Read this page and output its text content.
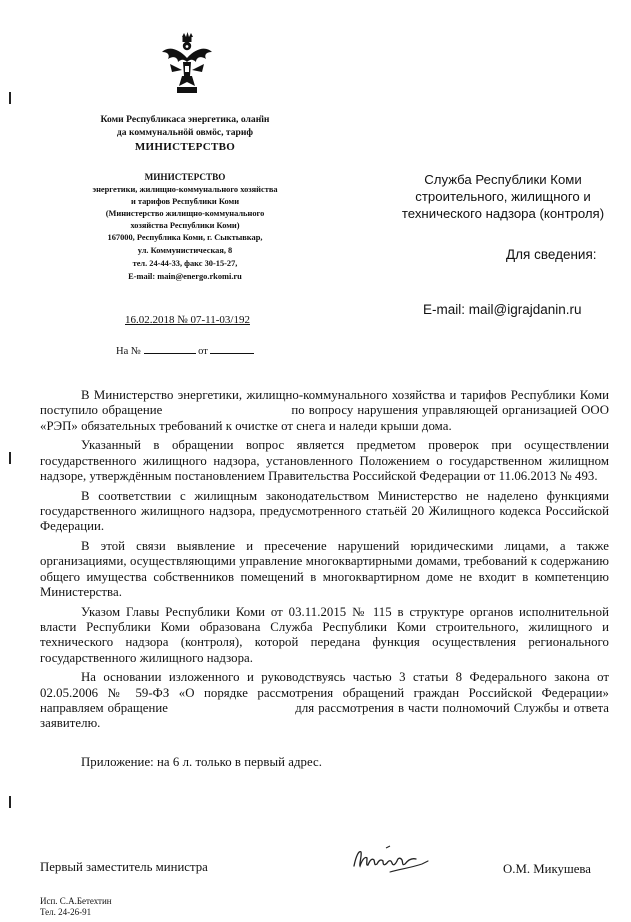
Коми Республикаса энергетика, олан̈ін
да коммунальнӧй овмӧс, тариф
МИНИСТЕРСТВО
МИНИСТЕРСТВО
энергетики, жилищно-коммунального хозяйства
и тарифов Республики Коми
(Министерство жилищно-коммунального
хозяйства Республики Коми)
167000, Республика Коми, г. Сыктывкар,
ул. Коммунистическая, 8
тел. 24-44-33, факс 30-15-27,
E-mail: main@energo.rkomi.ru
16.02.2018 № 07-11-03/192
На №	от
Служба Республики Коми
строительного, жилищного и
технического надзора (контроля)
Для сведения:
E-mail: mail@igrajdanin.ru

В Министерство энергетики, жилищно-коммунального хозяйства и тарифов Республики Коми поступило обращение                                по вопросу нарушения управляющей организацией ООО «РЭП» обязательных требований к очистке от снега и наледи крыши дома.

Указанный в обращении вопрос является предметом проверок при осуществлении государственного жилищного надзора, установленного Положением о государственном жилищном надзоре, утверждённым постановлением Правительства Российской Федерации от 11.06.2013 № 493.

В соответствии с жилищным законодательством Министерство не наделено функциями государственного жилищного надзора, предусмотренного статьёй 20 Жилищного кодекса Российской Федерации.

В этой связи выявление и пресечение нарушений юридическими лицами, а также организациями, осуществляющими управление многоквартирными домами, требований к содержанию общего имущества собственников помещений в многоквартирном доме не входит в компетенцию Министерства.

Указом Главы Республики Коми от 03.11.2015 № 115 в структуре органов исполнительной власти Республики Коми образована Служба Республики Коми строительного, жилищного и технического надзора (контроля), которой передана функция осуществления регионального государственного жилищного надзора.

На основании изложенного и руководствуясь частью 3 статьи 8 Федерального закона от 02.05.2006 № 59-ФЗ «О порядке рассмотрения обращений граждан Российской Федерации» направляем обращение                                для рассмотрения в части полномочий Службы и ответа заявителю.

Приложение: на 6 л. только в первый адрес.

Первый заместитель министра	О.М. Микушева
Исп. С.А.Бетехтин
Тел. 24-26-91
